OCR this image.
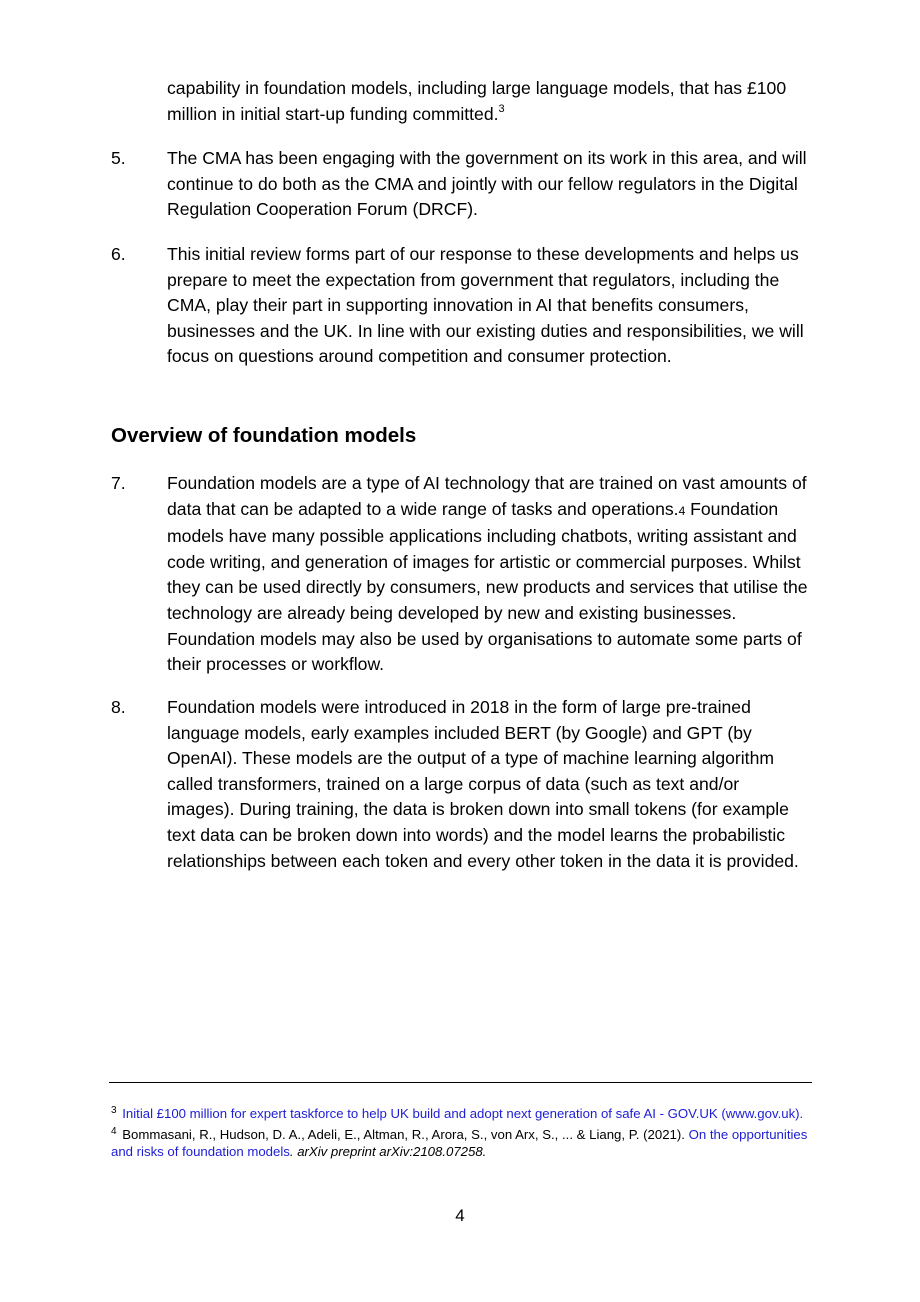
capability in foundation models, including large language models, that has £100 million in initial start-up funding committed.$^3$
5.	The CMA has been engaging with the government on its work in this area, and will continue to do both as the CMA and jointly with our fellow regulators in the Digital Regulation Cooperation Forum (DRCF).
6.	This initial review forms part of our response to these developments and helps us prepare to meet the expectation from government that regulators, including the CMA, play their part in supporting innovation in AI that benefits consumers, businesses and the UK. In line with our existing duties and responsibilities, we will focus on questions around competition and consumer protection.
Overview of foundation models
7.	Foundation models are a type of AI technology that are trained on vast amounts of data that can be adapted to a wide range of tasks and operations.4 Foundation models have many possible applications including chatbots, writing assistant and code writing, and generation of images for artistic or commercial purposes. Whilst they can be used directly by consumers, new products and services that utilise the technology are already being developed by new and existing businesses. Foundation models may also be used by organisations to automate some parts of their processes or workflow.
8.	Foundation models were introduced in 2018 in the form of large pre-trained language models, early examples included BERT (by Google) and GPT (by OpenAI). These models are the output of a type of machine learning algorithm called transformers, trained on a large corpus of data (such as text and/or images). During training, the data is broken down into small tokens (for example text data can be broken down into words) and the model learns the probabilistic relationships between each token and every other token in the data it is provided.

$^3$ Initial £100 million for expert taskforce to help UK build and adopt next generation of safe AI - GOV.UK (www.gov.uk).

$^4$ Bommasani, R., Hudson, D. A., Adeli, E., Altman, R., Arora, S., von Arx, S., ... & Liang, P. (2021). On the opportunities and risks of foundation models. arXiv preprint arXiv:2108.07258.

4
